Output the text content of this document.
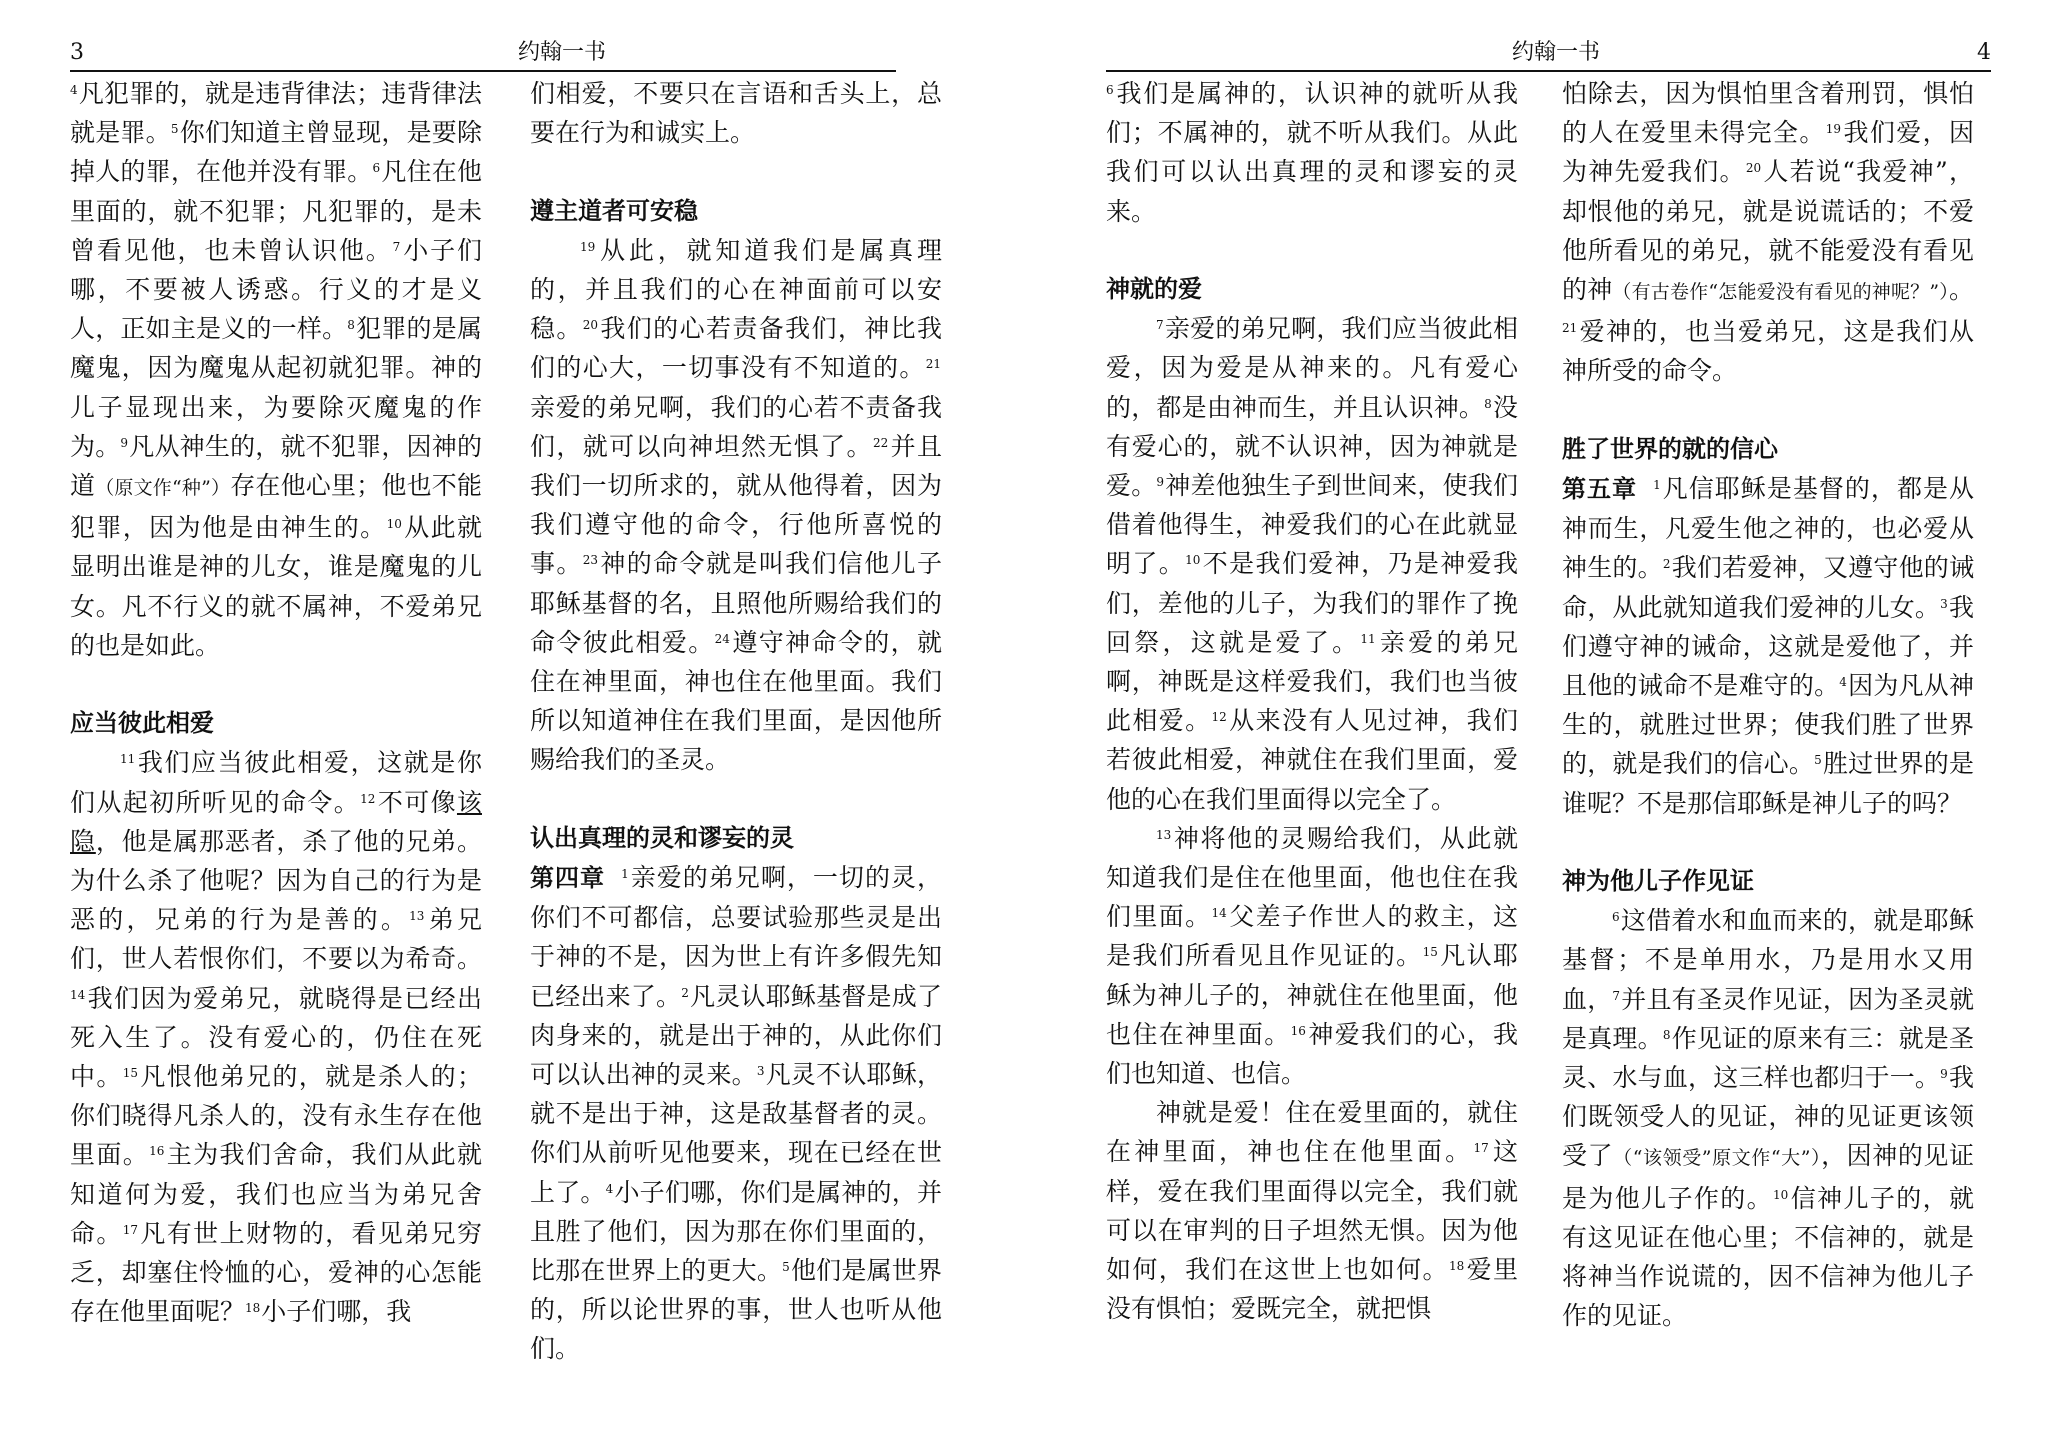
3	约翰一书

$^4$凡犯罪的，就是违背律法；违背律法就是罪。$^5$你们知道主曾显现，是要除掉人的罪，在他并没有罪。$^6$凡住在他里面的，就不犯罪；凡犯罪的，是未曾看见他，也未曾认识他。$^7$小子们哪，不要被人诱惑。行义的才是义人，正如主是义的一样。$^8$犯罪的是属魔鬼，因为魔鬼从起初就犯罪。神的儿子显现出来，为要除灭魔鬼的作为。$^9$凡从神生的，就不犯罪，因神的道（原文作“种”）存在他心里；他也不能犯罪，因为他是由神生的。$^{10}$从此就显明出谁是神的儿女，谁是魔鬼的儿女。凡不行义的就不属神，不爱弟兄的也是如此。

应当彼此相爱

$^{11}$我们应当彼此相爱，这就是你们从起初所听见的命令。$^{12}$不可像该隐，他是属那恶者，杀了他的兄弟。为什么杀了他呢？因为自己的行为是恶的，兄弟的行为是善的。$^{13}$弟兄们，世人若恨你们，不要以为希奇。$^{14}$我们因为爱弟兄，就晓得是已经出死入生了。没有爱心的，仍住在死中。$^{15}$凡恨他弟兄的，就是杀人的；你们晓得凡杀人的，没有永生存在他里面。$^{16}$主为我们舍命，我们从此就知道何为爱，我们也应当为弟兄舍命。$^{17}$凡有世上财物的，看见弟兄穷乏，却塞住怜恤的心，爱神的心怎能存在他里面呢？$^{18}$小子们哪，我

们相爱，不要只在言语和舌头上，总要在行为和诚实上。

遵主道者可安稳

$^{19}$从此，就知道我们是属真理的，并且我们的心在神面前可以安稳。$^{20}$我们的心若责备我们，神比我们的心大，一切事没有不知道的。$^{21}$亲爱的弟兄啊，我们的心若不责备我们，就可以向神坦然无惧了。$^{22}$并且我们一切所求的，就从他得着，因为我们遵守他的命令，行他所喜悦的事。$^{23}$神的命令就是叫我们信他儿子耶稣基督的名，且照他所赐给我们的命令彼此相爱。$^{24}$遵守神命令的，就住在神里面，神也住在他里面。我们所以知道神住在我们里面，是因他所赐给我们的圣灵。

认出真理的灵和谬妄的灵

第四章 $^1$亲爱的弟兄啊，一切的灵，你们不可都信，总要试验那些灵是出于神的不是，因为世上有许多假先知已经出来了。$^2$凡灵认耶稣基督是成了肉身来的，就是出于神的，从此你们可以认出神的灵来。$^3$凡灵不认耶稣，就不是出于神，这是敌基督者的灵。你们从前听见他要来，现在已经在世上了。$^4$小子们哪，你们是属神的，并且胜了他们，因为那在你们里面的，比那在世界上的更大。$^5$他们是属世界的，所以论世界的事，世人也听从他们。

约翰一书	4

$^6$我们是属神的，认识神的就听从我们；不属神的，就不听从我们。从此我们可以认出真理的灵和谬妄的灵来。

神就的爱

$^7$亲爱的弟兄啊，我们应当彼此相爱，因为爱是从神来的。凡有爱心的，都是由神而生，并且认识神。$^8$没有爱心的，就不认识神，因为神就是爱。$^9$神差他独生子到世间来，使我们借着他得生，神爱我们的心在此就显明了。$^{10}$不是我们爱神，乃是神爱我们，差他的儿子，为我们的罪作了挽回祭，这就是爱了。$^{11}$亲爱的弟兄啊，神既是这样爱我们，我们也当彼此相爱。$^{12}$从来没有人见过神，我们若彼此相爱，神就住在我们里面，爱他的心在我们里面得以完全了。

$^{13}$神将他的灵赐给我们，从此就知道我们是住在他里面，他也住在我们里面。$^{14}$父差子作世人的救主，这是我们所看见且作见证的。$^{15}$凡认耶稣为神儿子的，神就住在他里面，他也住在神里面。$^{16}$神爱我们的心，我们也知道、也信。

神就是爱！住在爱里面的，就住在神里面，神也住在他里面。$^{17}$这样，爱在我们里面得以完全，我们就可以在审判的日子坦然无惧。因为他如何，我们在这世上也如何。$^{18}$爱里没有惧怕；爱既完全，就把惧

怕除去，因为惧怕里含着刑罚，惧怕的人在爱里未得完全。$^{19}$我们爱，因为神先爱我们。$^{20}$人若说“我爱神”，却恨他的弟兄，就是说谎话的；不爱他所看见的弟兄，就不能爱没有看见的神（有古卷作“怎能爱没有看见的神呢？”）。$^{21}$爱神的，也当爱弟兄，这是我们从神所受的命令。

胜了世界的就的信心

第五章 $^1$凡信耶稣是基督的，都是从神而生，凡爱生他之神的，也必爱从神生的。$^2$我们若爱神，又遵守他的诫命，从此就知道我们爱神的儿女。$^3$我们遵守神的诫命，这就是爱他了，并且他的诫命不是难守的。$^4$因为凡从神生的，就胜过世界；使我们胜了世界的，就是我们的信心。$^5$胜过世界的是谁呢？不是那信耶稣是神儿子的吗？

神为他儿子作见证

$^6$这借着水和血而来的，就是耶稣基督；不是单用水，乃是用水又用血，$^7$并且有圣灵作见证，因为圣灵就是真理。$^8$作见证的原来有三：就是圣灵、水与血，这三样也都归于一。$^9$我们既领受人的见证，神的见证更该领受了（“该领受”原文作“大”），因神的见证是为他儿子作的。$^{10}$信神儿子的，就有这见证在他心里；不信神的，就是将神当作说谎的，因不信神为他儿子作的见证。
